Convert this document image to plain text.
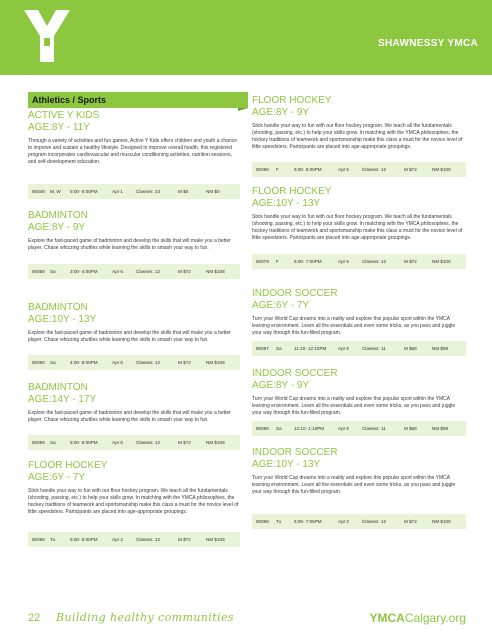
SHAWNESSY YMCA
Athletics / Sports
ACTIVE Y KIDS
AGE:8Y - 11Y
Through a variety of activities and fun games, Active Y Kids offers children and youth a chance to improve and sustain a healthy lifestyle. Designed to improve overall health, this registered program incorporates cardiovascular and muscular conditioning activities, nutrition sessions, and self-development education.
80048 M, W 5:00- 6:00PM	Apr 1	Classes: 23	M $0	NM $0
BADMINTON
AGE:8Y - 9Y
Explore the fast-paced game of badminton and develop the skills that will make you a better player. Chase whizzing shuttles while learning the skills to smash your way to fun.
80058 Sa	3:00- 4:00PM	Apr 6	Classes: 12	M $72	NM $108
BADMINTON
AGE:10Y - 13Y
Explore the fast-paced game of badminton and develop the skills that will make you a better player. Chase whizzing shuttles while learning the skills to smash your way to fun.
80060 Sa	4:00- 5:00PM	Apr 6	Classes: 12	M $72	NM $108
BADMINTON
AGE:14Y - 17Y
Explore the fast-paced game of badminton and develop the skills that will make you a better player. Chase whizzing shuttles while learning the skills to smash your way to fun.
80059 Sa	5:00- 6:00PM	Apr 6	Classes: 12	M $72	NM $108
FLOOR HOCKEY
AGE:6Y - 7Y
Stick handle your way to fun with our floor hockey program. We teach all the fundamentals (shooting, passing, etc.) to help your skills grow. In matching with the YMCA philosophies, the hockey traditions of teamwork and sportsmanship make this class a must for the novice level of little speedsters. Participants are placed into age-appropriate groupings.
80089 Tu	5:00- 6:00PM	Apr 2	Classes: 12	M $72	NM $108
FLOOR HOCKEY
AGE:8Y - 9Y
Stick handle your way to fun with our floor hockey program. We teach all the fundamentals (shooting, passing, etc.) to help your skills grow. In matching with the YMCA philosophies, the hockey traditions of teamwork and sportsmanship make this class a must for the novice level of little speedsters. Participants are placed into age-appropriate groupings.
80088 F	5:00- 6:00PM	Apr 5	Classes: 12	M $72	NM $108
FLOOR HOCKEY
AGE:10Y - 13Y
Stick handle your way to fun with our floor hockey program. We teach all the fundamentals (shooting, passing, etc.) to help your skills grow. In matching with the YMCA philosophies, the hockey traditions of teamwork and sportsmanship make this class a must for the novice level of little speedsters. Participants are placed into age-appropriate groupings.
80079 F	6:00- 7:00PM	Apr 5	Classes: 12	M $72	NM $108
INDOOR SOCCER
AGE:6Y - 7Y
Turn your World Cup dreams into a reality and explore this popular sport within the YMCA learning environment. Learn all the essentials and even some tricks, as you pass and juggle your way through this fun-filled program.
80097 Sa	11:10- 12:10PM	Apr 6	Classes: 11	M $66	NM $99
INDOOR SOCCER
AGE:8Y - 9Y
Turn your World Cup dreams into a reality and explore this popular sport within the YMCA learning environment. Learn all the essentials and even some tricks, as you pass and juggle your way through this fun-filled program.
80098 Sa	12:10- 1:10PM	Apr 6	Classes: 11	M $66	NM $99
INDOOR SOCCER
AGE:10Y - 13Y
Turn your World Cup dreams into a reality and explore this popular sport within the YMCA learning environment. Learn all the essentials and even some tricks, as you pass and juggle your way through this fun-filled program.
80099 Tu	6:05- 7:05PM	Apr 2	Classes: 12	M $72	NM $108
22 Building healthy communities	YMCACalgary.org
